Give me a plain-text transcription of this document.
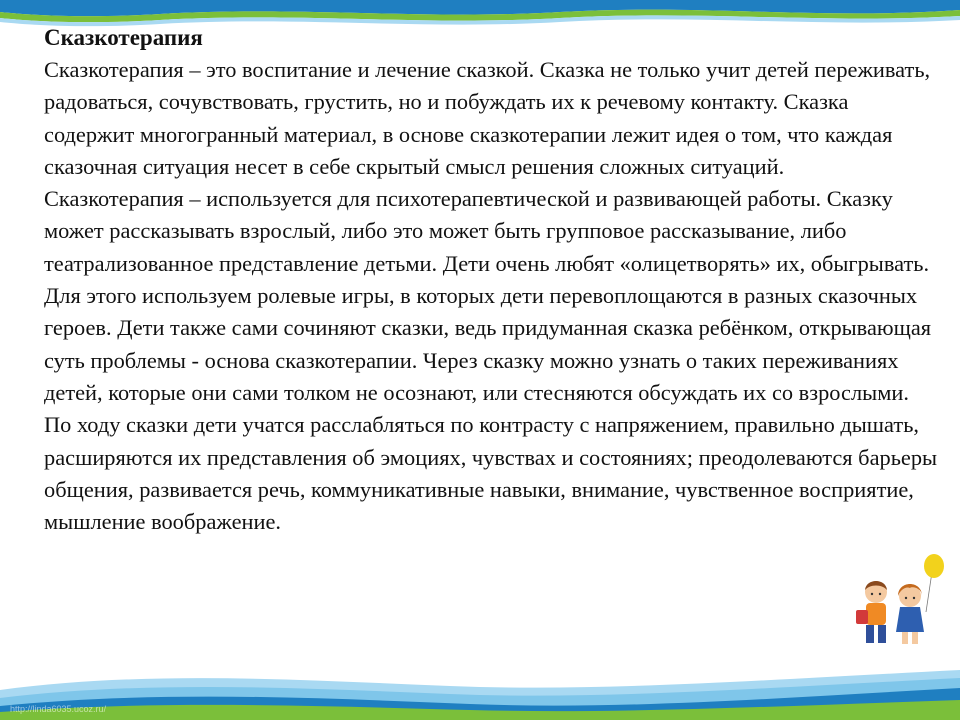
Сказкотерапия

Сказкотерапия – это воспитание и лечение сказкой. Сказка не только учит детей переживать, радоваться, сочувствовать, грустить, но и побуждать их к речевому контакту. Сказка содержит многогранный материал, в основе сказкотерапии лежит идея о том, что каждая сказочная ситуация несет в себе скрытый смысл решения сложных ситуаций.

Сказкотерапия – используется для психотерапевтической и развивающей работы. Сказку может рассказывать взрослый, либо это может быть групповое рассказывание, либо театрализованное представление детьми. Дети очень любят «олицетворять» их, обыгрывать. Для этого используем ролевые игры, в которых дети перевоплощаются в разных сказочных героев. Дети также сами сочиняют сказки, ведь придуманная сказка ребёнком, открывающая суть проблемы - основа сказкотерапии. Через сказку можно узнать о таких переживаниях детей, которые они сами толком не осознают, или стесняются обсуждать их со взрослыми.

По ходу сказки дети учатся расслабляться по контрасту с напряжением, правильно дышать, расширяются их представления об эмоциях, чувствах и состояниях; преодолеваются барьеры общения, развивается речь, коммуникативные навыки, внимание, чувственное восприятие, мышление воображение.

http://linda6035.ucoz.ru/
